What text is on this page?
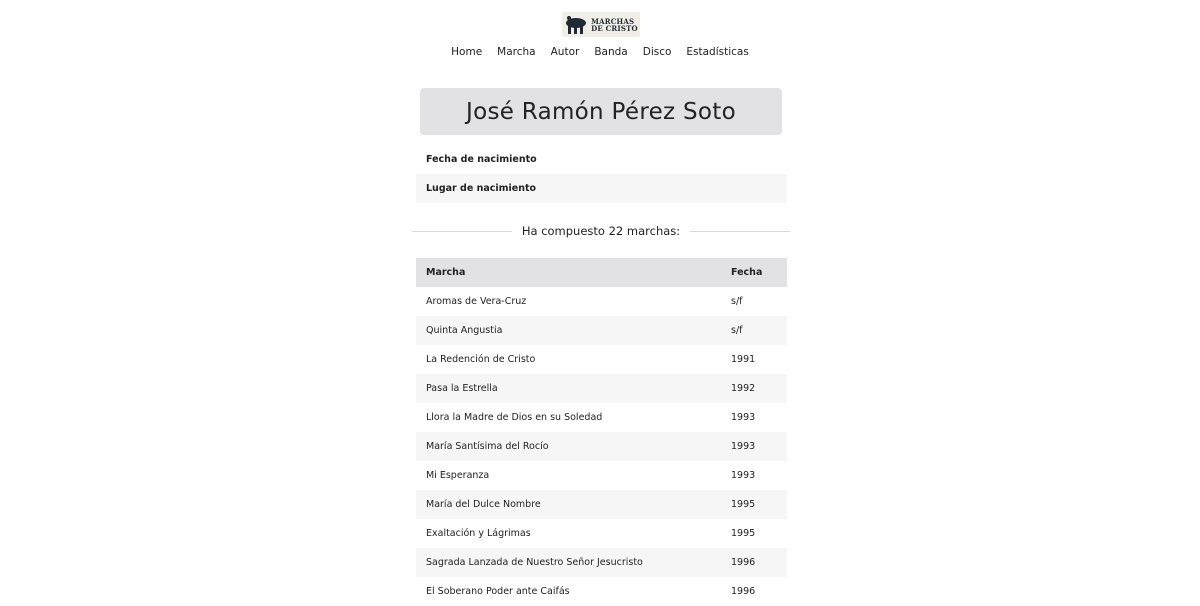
MARCHAS
DE CRISTO
Home Marcha Autor Banda Disco Estadísticas
José Ramón Pérez Soto
Fecha de nacimiento
Lugar de nacimiento
Ha compuesto 22 marchas:
Marcha	Fecha
Aromas de Vera-Cruz	s/f
Quinta Angustia	s/f
La Redención de Cristo	1991
Pasa la Estrella	1992
Llora la Madre de Dios en su Soledad	1993
María Santísima del Rocío	1993
Mi Esperanza	1993
María del Dulce Nombre	1995
Exaltación y Lágrimas	1995
Sagrada Lanzada de Nuestro Señor Jesucristo	1996
El Soberano Poder ante Caifás	1996
